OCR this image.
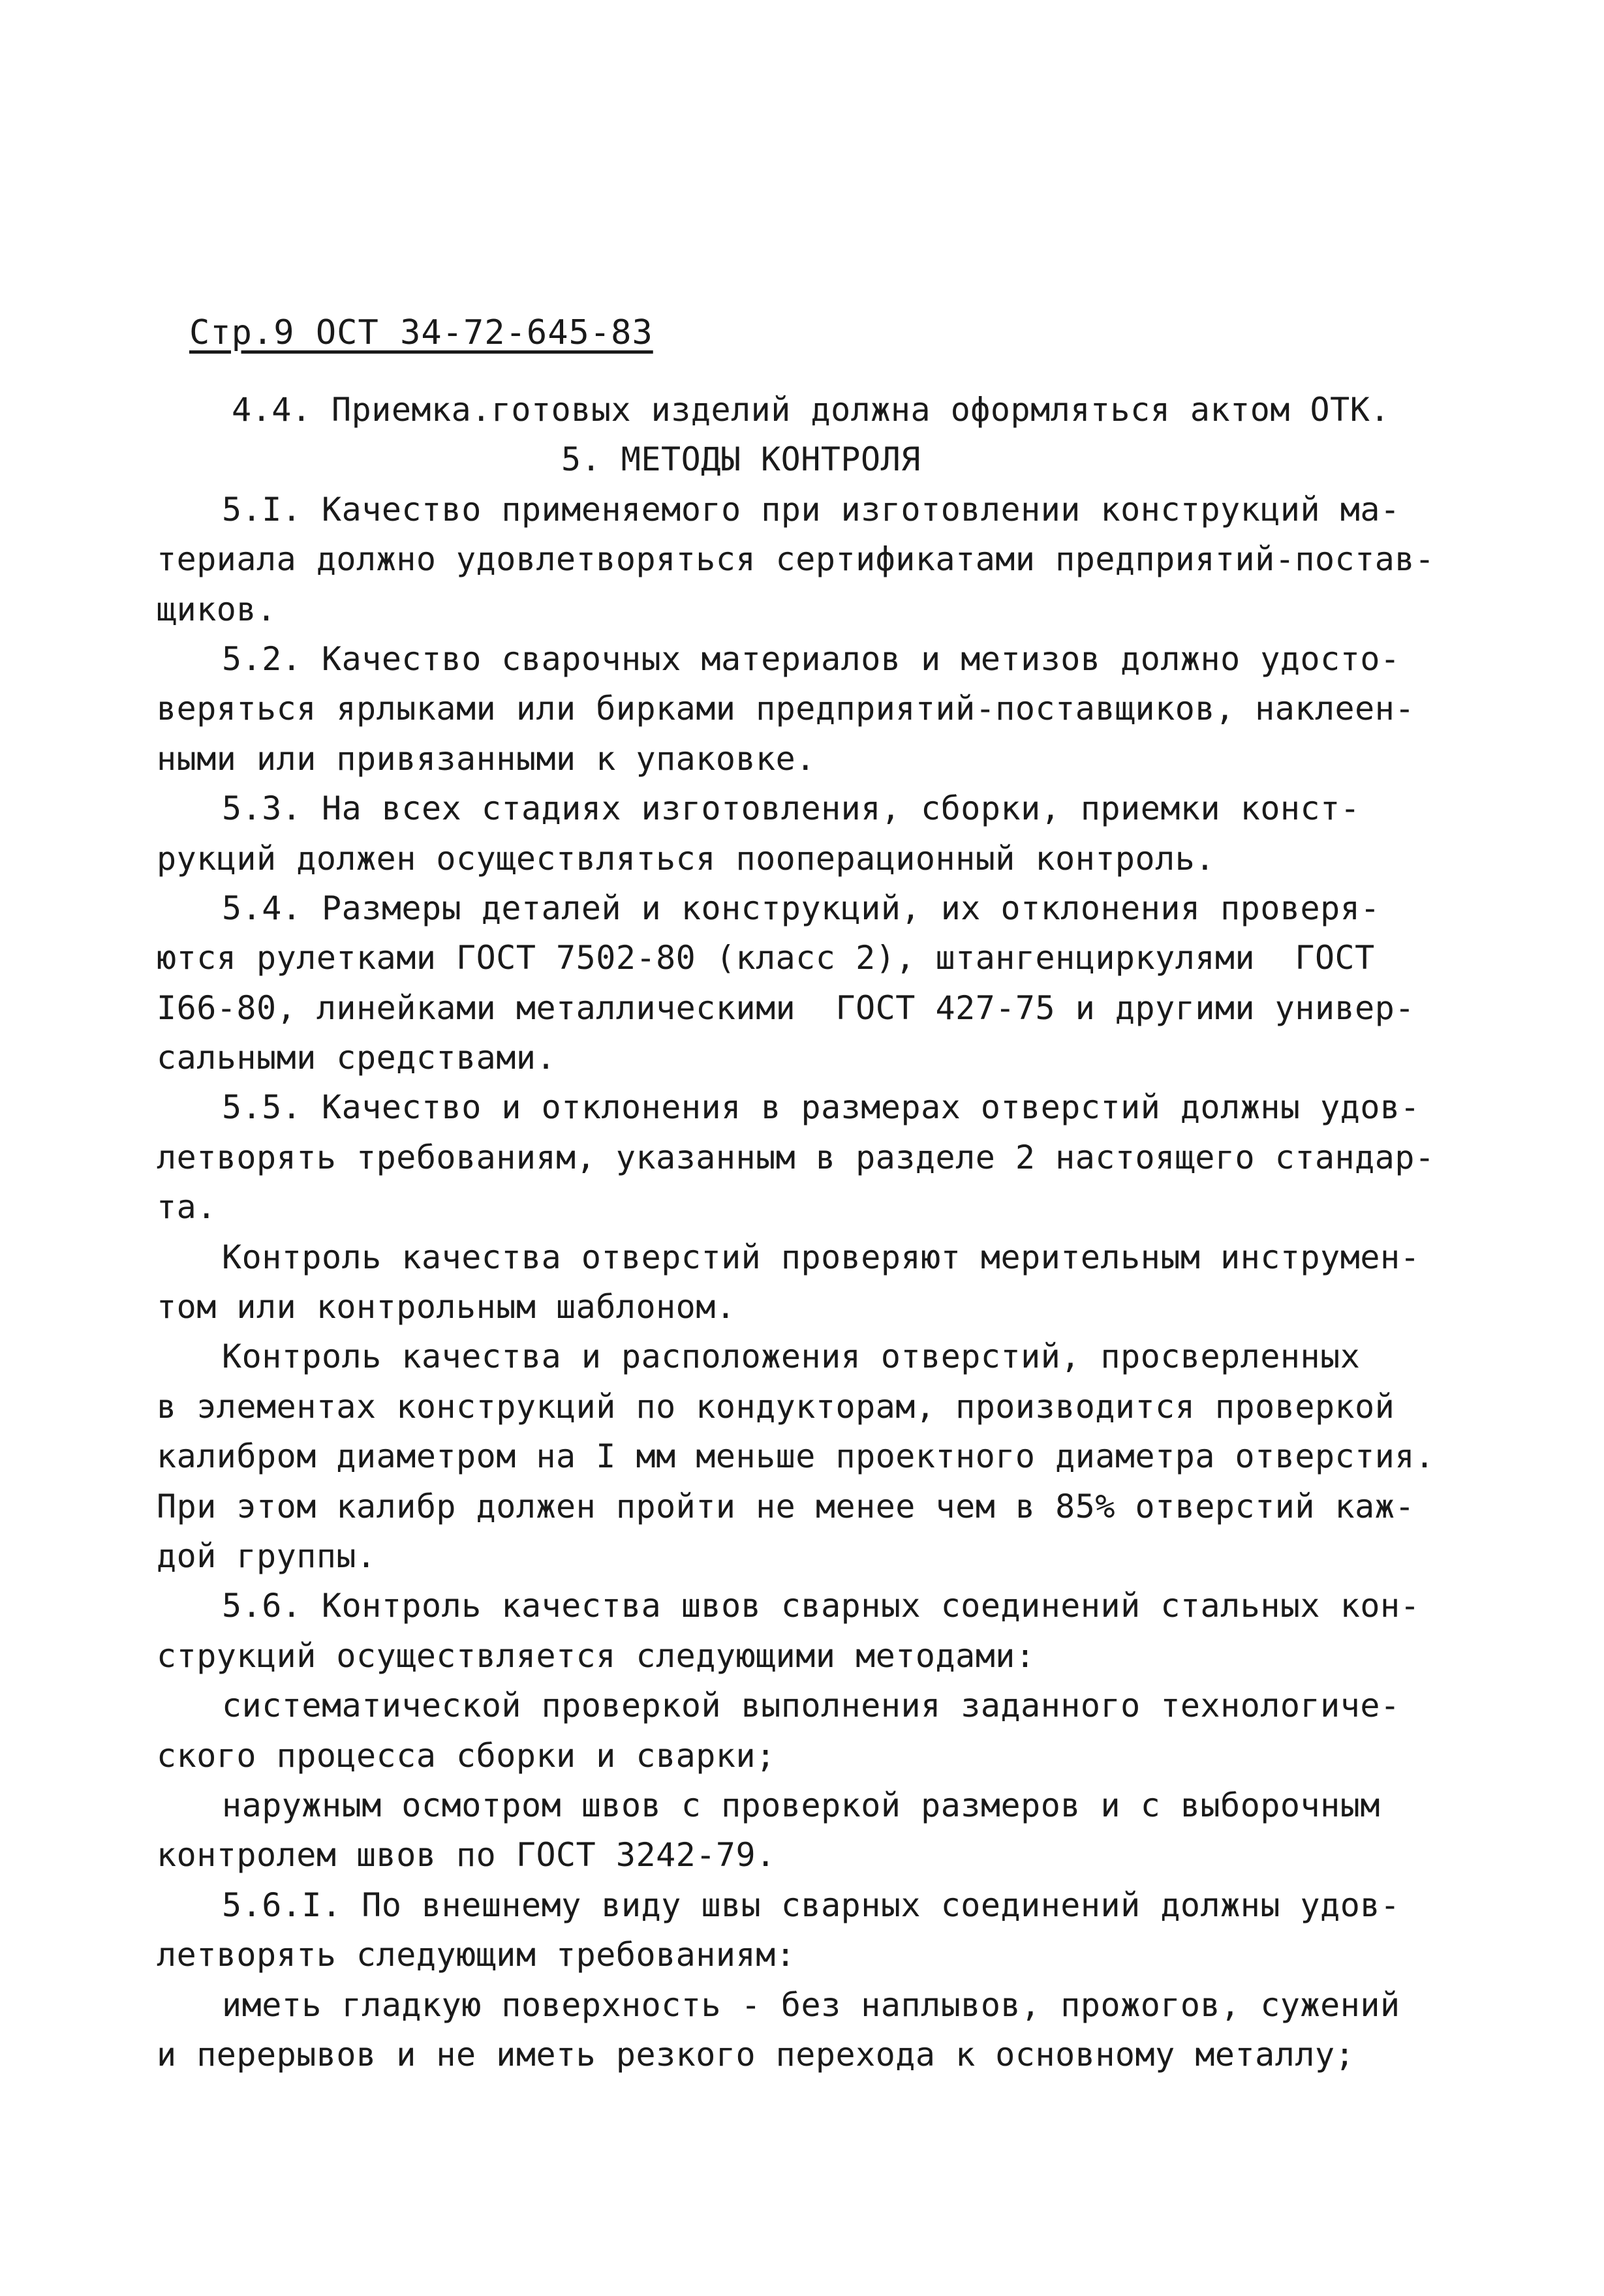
Стр.9 ОСТ 34-72-645-83
4.4. Приемка.готовых изделий должна оформляться актом ОТК.
5. МЕТОДЫ КОНТРОЛЯ
5.I. Качество применяемого при изготовлении конструкций ма-
териала должно удовлетворяться сертификатами предприятий-постав-
щиков.
5.2. Качество сварочных материалов и метизов должно удосто-
веряться ярлыками или бирками предприятий-поставщиков, наклеен-
ными или привязанными к упаковке.
5.3. На всех стадиях изготовления, сборки, приемки конст-
рукций должен осуществляться пооперационный контроль.
5.4. Размеры деталей и конструкций, их отклонения проверя-
ются рулетками ГОСТ 7502-80 (класс 2), штангенциркулями  ГОСТ
I66-80, линейками металлическими  ГОСТ 427-75 и другими универ-
сальными средствами.
5.5. Качество и отклонения в размерах отверстий должны удов-
летворять требованиям, указанным в разделе 2 настоящего стандар-
та.
Контроль качества отверстий проверяют мерительным инструмен-
том или контрольным шаблоном.
Контроль качества и расположения отверстий, просверленных
в элементах конструкций по кондукторам, производится проверкой
калибром диаметром на I мм меньше проектного диаметра отверстия.
При этом калибр должен пройти не менее чем в 85% отверстий каж-
дой группы.
5.6. Контроль качества швов сварных соединений стальных кон-
струкций осуществляется следующими методами:
систематической проверкой выполнения заданного технологиче-
ского процесса сборки и сварки;
наружным осмотром швов с проверкой размеров и с выборочным
контролем швов по ГОСТ 3242-79.
5.6.I. По внешнему виду швы сварных соединений должны удов-
летворять следующим требованиям:
иметь гладкую поверхность - без наплывов, прожогов, сужений
и перерывов и не иметь резкого перехода к основному металлу;
